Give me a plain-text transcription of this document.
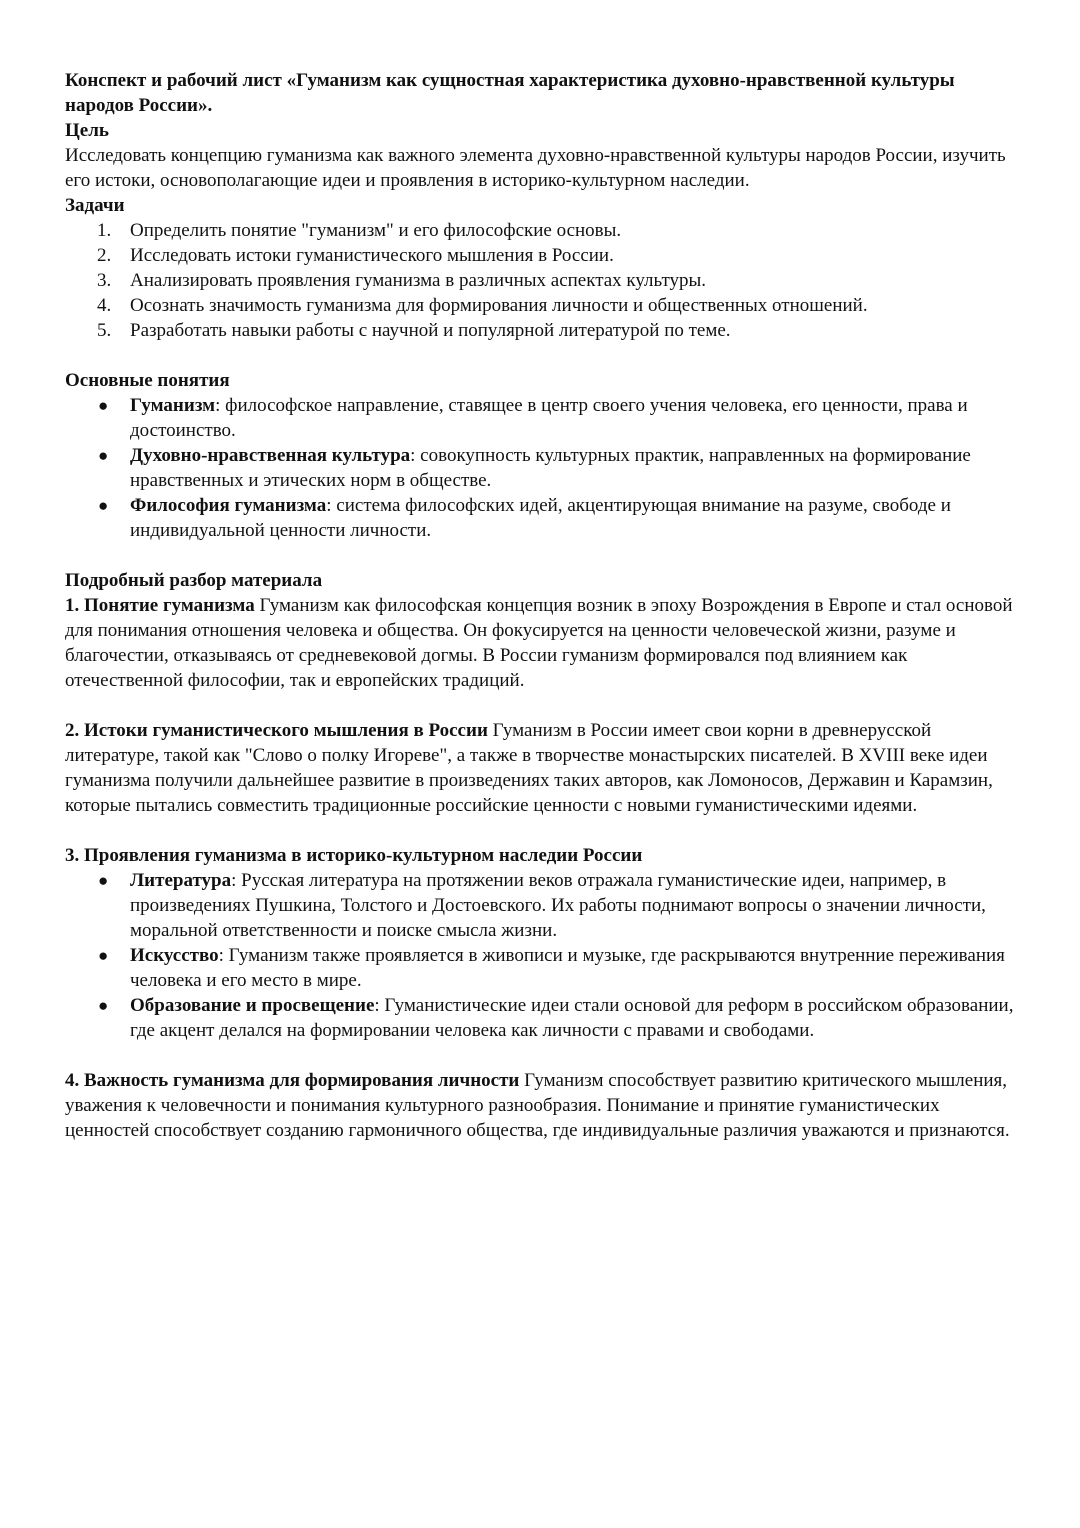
Конспект и рабочий лист «Гуманизм как сущностная характеристика духовно-нравственной культуры народов России».

Цель

Исследовать концепцию гуманизма как важного элемента духовно-нравственной культуры народов России, изучить его истоки, основополагающие идеи и проявления в историко-культурном наследии.

Задачи

1. Определить понятие "гуманизм" и его философские основы.
2. Исследовать истоки гуманистического мышления в России.
3. Анализировать проявления гуманизма в различных аспектах культуры.
4. Осознать значимость гуманизма для формирования личности и общественных отношений.
5. Разработать навыки работы с научной и популярной литературой по теме.

Основные понятия

● Гуманизм: философское направление, ставящее в центр своего учения человека, его ценности, права и достоинство.
● Духовно-нравственная культура: совокупность культурных практик, направленных на формирование нравственных и этических норм в обществе.
● Философия гуманизма: система философских идей, акцентирующая внимание на разуме, свободе и индивидуальной ценности личности.

Подробный разбор материала

1. Понятие гуманизма Гуманизм как философская концепция возник в эпоху Возрождения в Европе и стал основой для понимания отношения человека и общества. Он фокусируется на ценности человеческой жизни, разуме и благочестии, отказываясь от средневековой догмы. В России гуманизм формировался под влиянием как отечественной философии, так и европейских традиций.

2. Истоки гуманистического мышления в России Гуманизм в России имеет свои корни в древнерусской литературе, такой как "Слово о полку Игореве", а также в творчестве монастырских писателей. В XVIII веке идеи гуманизма получили дальнейшее развитие в произведениях таких авторов, как Ломоносов, Державин и Карамзин, которые пытались совместить традиционные российские ценности с новыми гуманистическими идеями.

3. Проявления гуманизма в историко-культурном наследии России

● Литература: Русская литература на протяжении веков отражала гуманистические идеи, например, в произведениях Пушкина, Толстого и Достоевского. Их работы поднимают вопросы о значении личности, моральной ответственности и поиске смысла жизни.
● Искусство: Гуманизм также проявляется в живописи и музыке, где раскрываются внутренние переживания человека и его место в мире.
● Образование и просвещение: Гуманистические идеи стали основой для реформ в российском образовании, где акцент делался на формировании человека как личности с правами и свободами.

4. Важность гуманизма для формирования личности Гуманизм способствует развитию критического мышления, уважения к человечности и понимания культурного разнообразия. Понимание и принятие гуманистических ценностей способствует созданию гармоничного общества, где индивидуальные различия уважаются и признаются.
